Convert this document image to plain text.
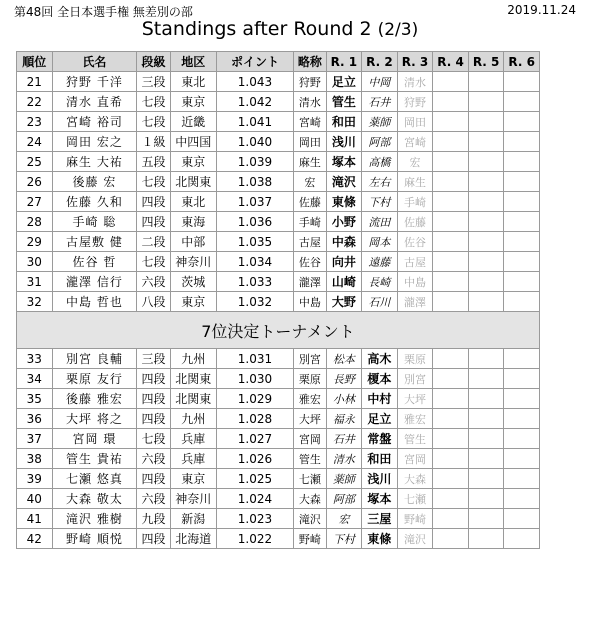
第48回 全日本選手権 無差別の部	2019.11.24
Standings after Round 2 (2/3)
順位	氏名	段級	地区	ポイント	略称	R. 1	R. 2	R. 3	R. 4	R. 5	R. 6
21	狩野 千洋	三段	東北	1.043	狩野	足立	中岡	清水			
22	清水 直希	七段	東京	1.042	清水	管生	石井	狩野			
23	宮崎 裕司	七段	近畿	1.041	宮崎	和田	薬師	岡田			
24	岡田 宏之	１級	中四国	1.040	岡田	浅川	阿部	宮崎			
25	麻生 大祐	五段	東京	1.039	麻生	塚本	高橋	宏			
26	後藤 宏	七段	北関東	1.038	宏	滝沢	左右	麻生			
27	佐藤 久和	四段	東北	1.037	佐藤	東條	下村	手崎			
28	手崎 聡	四段	東海	1.036	手崎	小野	流田	佐藤			
29	古屋敷 健	二段	中部	1.035	古屋	中森	岡本	佐谷			
30	佐谷 哲	七段	神奈川	1.034	佐谷	向井	遠藤	古屋			
31	瀧澤 信行	六段	茨城	1.033	瀧澤	山崎	長崎	中島			
32	中島 哲也	八段	東京	1.032	中島	大野	石川	瀧澤			
7位決定トーナメント											
33	別宮 良輔	三段	九州	1.031	別宮	松本	高木	栗原			
34	栗原 友行	四段	北関東	1.030	栗原	長野	榎本	別宮			
35	後藤 雅宏	四段	北関東	1.029	雅宏	小林	中村	大坪			
36	大坪 将之	四段	九州	1.028	大坪	福永	足立	雅宏			
37	宮岡 環	七段	兵庫	1.027	宮岡	石井	常盤	管生			
38	管生 貴祐	六段	兵庫	1.026	管生	清水	和田	宮岡			
39	七瀬 悠真	四段	東京	1.025	七瀬	薬師	浅川	大森			
40	大森 敬太	六段	神奈川	1.024	大森	阿部	塚本	七瀬			
41	滝沢 雅樹	九段	新潟	1.023	滝沢	宏	三屋	野崎			
42	野崎 順悦	四段	北海道	1.022	野崎	下村	東條	滝沢			
